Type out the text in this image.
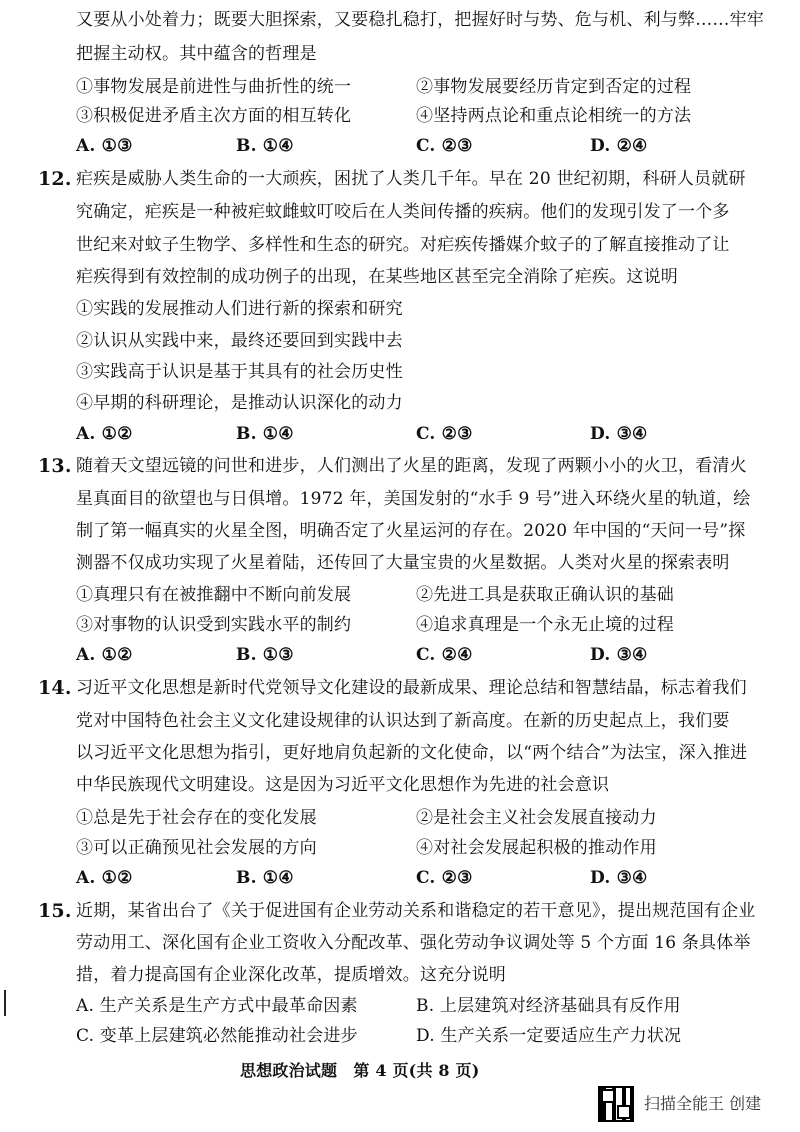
又要从小处着力；既要大胆探索，又要稳扎稳打，把握好时与势、危与机、利与弊……牢牢
把握主动权。其中蕴含的哲理是
①事物发展是前进性与曲折性的统一	②事物发展要经历肯定到否定的过程
③积极促进矛盾主次方面的相互转化	④坚持两点论和重点论相统一的方法
A. ①③	B. ①④	C. ②③	D. ②④
12. 疟疾是威胁人类生命的一大顽疾，困扰了人类几千年。早在 20 世纪初期，科研人员就研
究确定，疟疾是一种被疟蚊雌蚊叮咬后在人类间传播的疾病。他们的发现引发了一个多
世纪来对蚊子生物学、多样性和生态的研究。对疟疾传播媒介蚊子的了解直接推动了让
疟疾得到有效控制的成功例子的出现，在某些地区甚至完全消除了疟疾。这说明
①实践的发展推动人们进行新的探索和研究
②认识从实践中来，最终还要回到实践中去
③实践高于认识是基于其具有的社会历史性
④早期的科研理论，是推动认识深化的动力
A. ①②	B. ①④	C. ②③	D. ③④
13. 随着天文望远镜的问世和进步，人们测出了火星的距离，发现了两颗小小的火卫，看清火
星真面目的欲望也与日俱增。1972 年，美国发射的“水手 9 号”进入环绕火星的轨道，绘
制了第一幅真实的火星全图，明确否定了火星运河的存在。2020 年中国的“天问一号”探
测器不仅成功实现了火星着陆，还传回了大量宝贵的火星数据。人类对火星的探索表明
①真理只有在被推翻中不断向前发展	②先进工具是获取正确认识的基础
③对事物的认识受到实践水平的制约	④追求真理是一个永无止境的过程
A. ①②	B. ①③	C. ②④	D. ③④
14. 习近平文化思想是新时代党领导文化建设的最新成果、理论总结和智慧结晶，标志着我们
党对中国特色社会主义文化建设规律的认识达到了新高度。在新的历史起点上，我们要
以习近平文化思想为指引，更好地肩负起新的文化使命，以“两个结合”为法宝，深入推进
中华民族现代文明建设。这是因为习近平文化思想作为先进的社会意识
①总是先于社会存在的变化发展	②是社会主义社会发展直接动力
③可以正确预见社会发展的方向	④对社会发展起积极的推动作用
A. ①②	B. ①④	C. ②③	D. ③④
15. 近期，某省出台了《关于促进国有企业劳动关系和谐稳定的若干意见》，提出规范国有企业
劳动用工、深化国有企业工资收入分配改革、强化劳动争议调处等 5 个方面 16 条具体举
措，着力提高国有企业深化改革，提质增效。这充分说明
A. 生产关系是生产方式中最革命因素	B. 上层建筑对经济基础具有反作用
C. 变革上层建筑必然能推动社会进步	D. 生产关系一定要适应生产力状况
思想政治试题　第 4 页(共 8 页)
扫描全能王 创建
